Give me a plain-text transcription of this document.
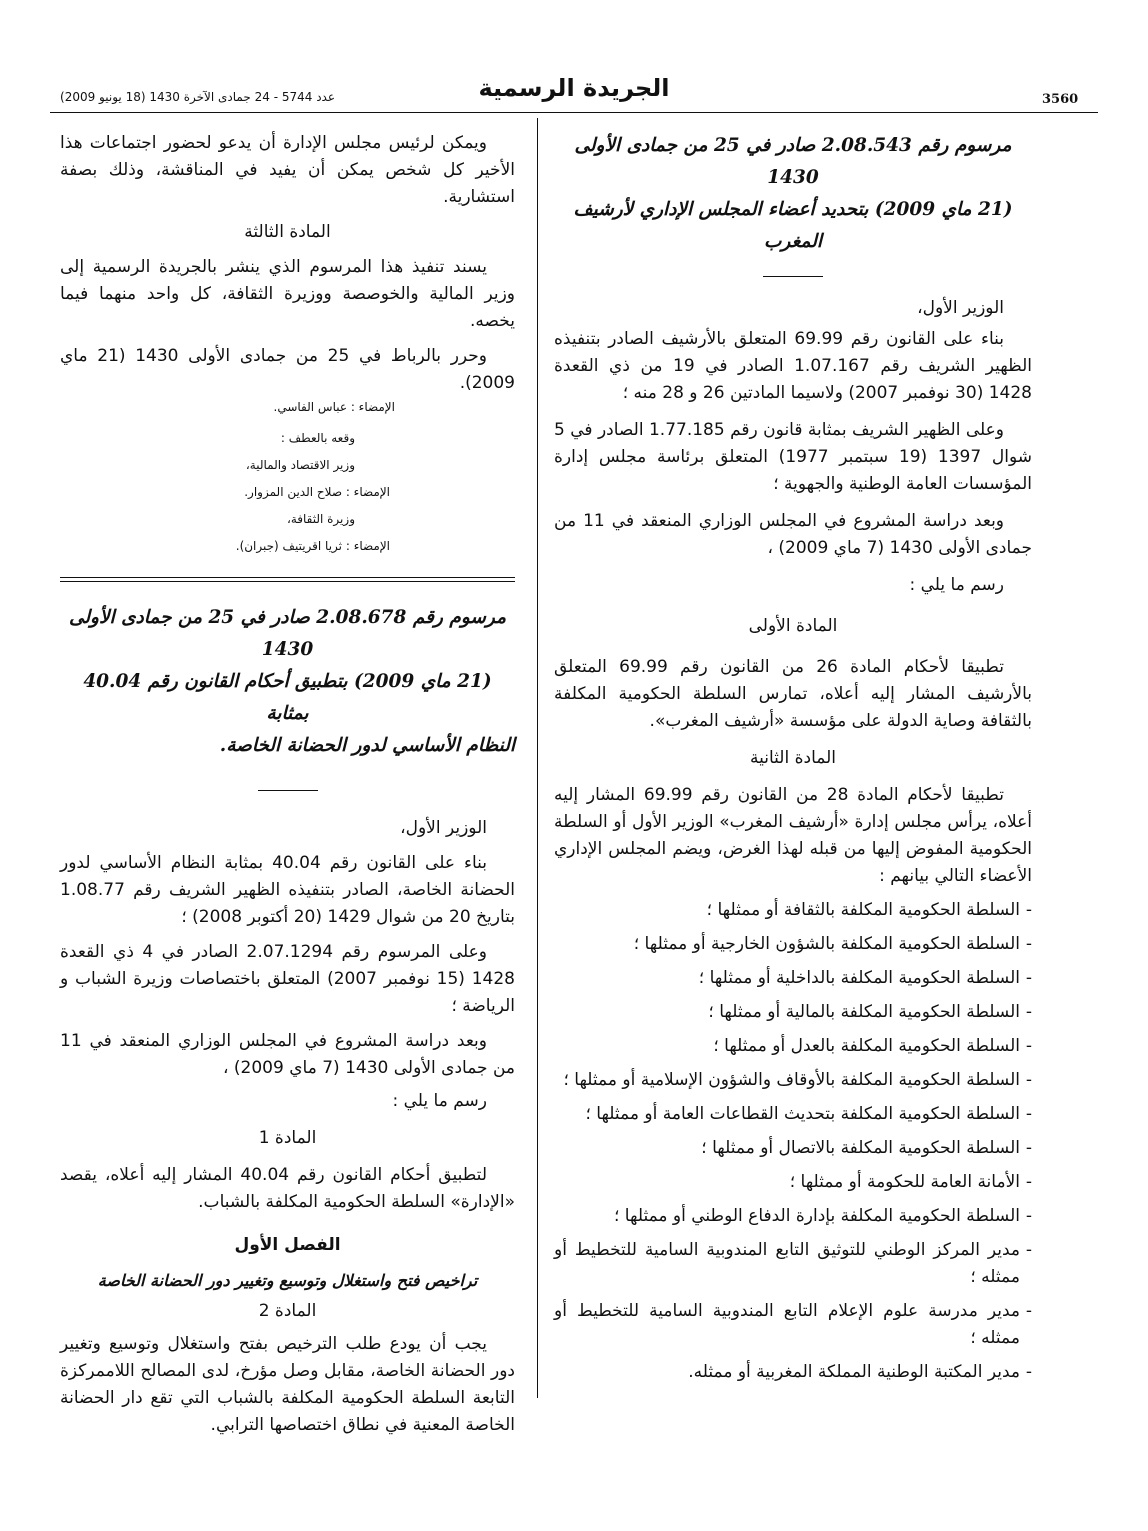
عدد 5744 - 24 جمادى الآخرة 1430 (18 يونيو 2009)	الجريدة الرسمية	3560
مرسوم رقم 2.08.543 صادر في 25 من جمادى الأولى 1430
(21 ماي 2009) بتحديد أعضاء المجلس الإداري لأرشيف المغرب

الوزير الأول،

بناء على القانون رقم 69.99 المتعلق بالأرشيف الصادر بتنفيذه الظهير الشريف رقم 1.07.167 الصادر في 19 من ذي القعدة 1428 (30 نوفمبر 2007) ولاسيما المادتين 26 و 28 منه ؛

وعلى الظهير الشريف بمثابة قانون رقم 1.77.185 الصادر في 5 شوال 1397 (19 سبتمبر 1977) المتعلق برئاسة مجلس إدارة المؤسسات العامة الوطنية والجهوية ؛

وبعد دراسة المشروع في المجلس الوزاري المنعقد في 11 من جمادى الأولى 1430 (7 ماي 2009) ،

رسم ما يلي :

المادة الأولى

تطبيقا لأحكام المادة 26 من القانون رقم 69.99 المتعلق بالأرشيف المشار إليه أعلاه، تمارس السلطة الحكومية المكلفة بالثقافة وصاية الدولة على مؤسسة «أرشيف المغرب».

المادة الثانية

تطبيقا لأحكام المادة 28 من القانون رقم 69.99 المشار إليه أعلاه، يرأس مجلس إدارة «أرشيف المغرب» الوزير الأول أو السلطة الحكومية المفوض إليها من قبله لهذا الغرض، ويضم المجلس الإداري الأعضاء التالي بيانهم :

- السلطة الحكومية المكلفة بالثقافة أو ممثلها ؛
- السلطة الحكومية المكلفة بالشؤون الخارجية أو ممثلها ؛
- السلطة الحكومية المكلفة بالداخلية أو ممثلها ؛
- السلطة الحكومية المكلفة بالمالية أو ممثلها ؛
- السلطة الحكومية المكلفة بالعدل أو ممثلها ؛
- السلطة الحكومية المكلفة بالأوقاف والشؤون الإسلامية أو ممثلها ؛
- السلطة الحكومية المكلفة بتحديث القطاعات العامة أو ممثلها ؛
- السلطة الحكومية المكلفة بالاتصال أو ممثلها ؛
- الأمانة العامة للحكومة أو ممثلها ؛
- السلطة الحكومية المكلفة بإدارة الدفاع الوطني أو ممثلها ؛
- مدير المركز الوطني للتوثيق التابع المندوبية السامية للتخطيط أو ممثله ؛
- مدير مدرسة علوم الإعلام التابع المندوبية السامية للتخطيط أو ممثله ؛
- مدير المكتبة الوطنية المملكة المغربية أو ممثله.

ويمكن لرئيس مجلس الإدارة أن يدعو لحضور اجتماعات هذا الأخير كل شخص يمكن أن يفيد في المناقشة، وذلك بصفة استشارية.

المادة الثالثة

يسند تنفيذ هذا المرسوم الذي ينشر بالجريدة الرسمية إلى وزير المالية والخوصصة ووزيرة الثقافة، كل واحد منهما فيما يخصه.

وحرر بالرباط في 25 من جمادى الأولى 1430 (21 ماي 2009).

الإمضاء : عباس الفاسي.
وقعه بالعطف :
وزير الاقتصاد والمالية،
الإمضاء : صلاح الدين المزوار.
وزيرة الثقافة،
الإمضاء : ثريا اقريتيف (جبران).
مرسوم رقم 2.08.678 صادر في 25 من جمادى الأولى 1430
(21 ماي 2009) بتطبيق أحكام القانون رقم 40.04 بمثابة
النظام الأساسي لدور الحضانة الخاصة.

الوزير الأول،

بناء على القانون رقم 40.04 بمثابة النظام الأساسي لدور الحضانة الخاصة، الصادر بتنفيذه الظهير الشريف رقم 1.08.77 بتاريخ 20 من شوال 1429 (20 أكتوبر 2008) ؛

وعلى المرسوم رقم 2.07.1294 الصادر في 4 ذي القعدة 1428 (15 نوفمبر 2007) المتعلق باختصاصات وزيرة الشباب و الرياضة ؛

وبعد دراسة المشروع في المجلس الوزاري المنعقد في 11 من جمادى الأولى 1430 (7 ماي 2009) ،

رسم ما يلي :

المادة 1

لتطبيق أحكام القانون رقم 40.04 المشار إليه أعلاه، يقصد «الإدارة» السلطة الحكومية المكلفة بالشباب.

الفصل الأول

تراخيص فتح واستغلال وتوسيع وتغيير دور الحضانة الخاصة

المادة 2

يجب أن يودع طلب الترخيص بفتح واستغلال وتوسيع وتغيير دور الحضانة الخاصة، مقابل وصل مؤرخ، لدى المصالح اللاممركزة التابعة السلطة الحكومية المكلفة بالشباب التي تقع دار الحضانة الخاصة المعنية في نطاق اختصاصها الترابي.
